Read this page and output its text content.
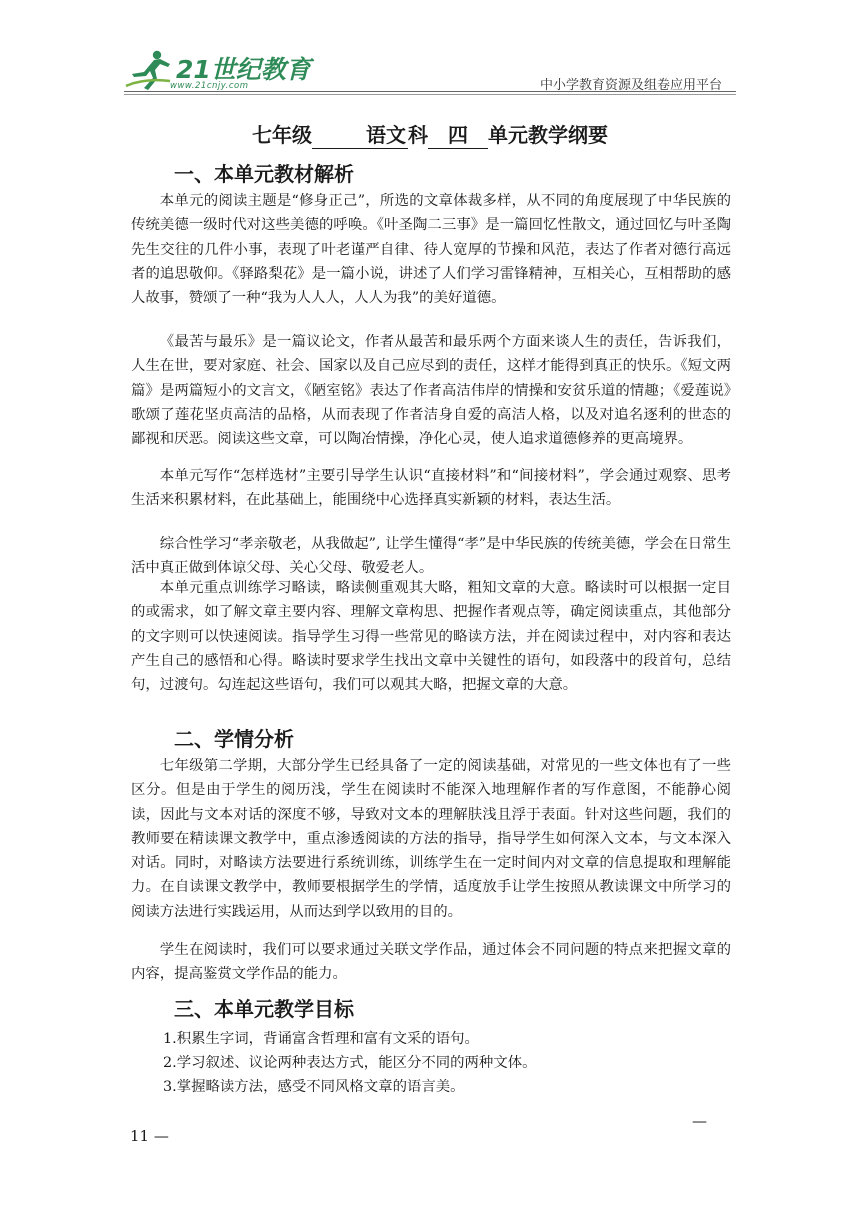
21世纪教育
www.21cnjy.com	中小学教育资源及组卷应用平台
七年级	语文 科 四 单元教学纲要
一、本单元教材解析

本单元的阅读主题是“修身正己”，所选的文章体裁多样，从不同的角度展现了中华民族的传统美德一级时代对这些美德的呼唤。《叶圣陶二三事》是一篇回忆性散文，通过回忆与叶圣陶先生交往的几件小事，表现了叶老谨严自律、待人宽厚的节操和风范，表达了作者对德行高远者的追思敬仰。《驿路梨花》是一篇小说，讲述了人们学习雷锋精神，互相关心，互相帮助的感人故事，赞颂了一种“我为人人人，人人为我”的美好道德。

《最苦与最乐》是一篇议论文，作者从最苦和最乐两个方面来谈人生的责任，告诉我们，人生在世，要对家庭、社会、国家以及自己应尽到的责任，这样才能得到真正的快乐。《短文两篇》是两篇短小的文言文，《陋室铭》表达了作者高洁伟岸的情操和安贫乐道的情趣；《爱莲说》歌颂了莲花坚贞高洁的品格，从而表现了作者洁身自爱的高洁人格，以及对追名逐利的世态的鄙视和厌恶。阅读这些文章，可以陶冶情操，净化心灵，使人追求道德修养的更高境界。

本单元写作“怎样选材”主要引导学生认识“直接材料”和“间接材料”，学会通过观察、思考生活来积累材料，在此基础上，能围绕中心选择真实新颖的材料，表达生活。

综合性学习“孝亲敬老，从我做起”, 让学生懂得“孝”是中华民族的传统美德，学会在日常生活中真正做到体谅父母、关心父母、敬爱老人。

本单元重点训练学习略读，略读侧重观其大略，粗知文章的大意。略读时可以根据一定目的或需求，如了解文章主要内容、理解文章构思、把握作者观点等，确定阅读重点，其他部分的文字则可以快速阅读。指导学生习得一些常见的略读方法，并在阅读过程中，对内容和表达产生自己的感悟和心得。略读时要求学生找出文章中关键性的语句，如段落中的段首句，总结句，过渡句。勾连起这些语句，我们可以观其大略，把握文章的大意。

二、学情分析

七年级第二学期，大部分学生已经具备了一定的阅读基础，对常见的一些文体也有了一些区分。但是由于学生的阅历浅，学生在阅读时不能深入地理解作者的写作意图，不能静心阅读，因此与文本对话的深度不够，导致对文本的理解肤浅且浮于表面。针对这些问题，我们的教师要在精读课文教学中，重点渗透阅读的方法的指导，指导学生如何深入文本，与文本深入对话。同时，对略读方法要进行系统训练，训练学生在一定时间内对文章的信息提取和理解能力。在自读课文教学中，教师要根据学生的学情，适度放手让学生按照从教读课文中所学习的阅读方法进行实践运用，从而达到学以致用的目的。

学生在阅读时，我们可以要求通过关联文学作品，通过体会不同问题的特点来把握文章的内容，提高鉴赏文学作品的能力。

三、本单元教学目标
1.积累生字词，背诵富含哲理和富有文采的语句。
2.学习叙述、议论两种表达方式，能区分不同的两种文体。
3.掌握略读方法，感受不同风格文章的语言美。
—
11 —
